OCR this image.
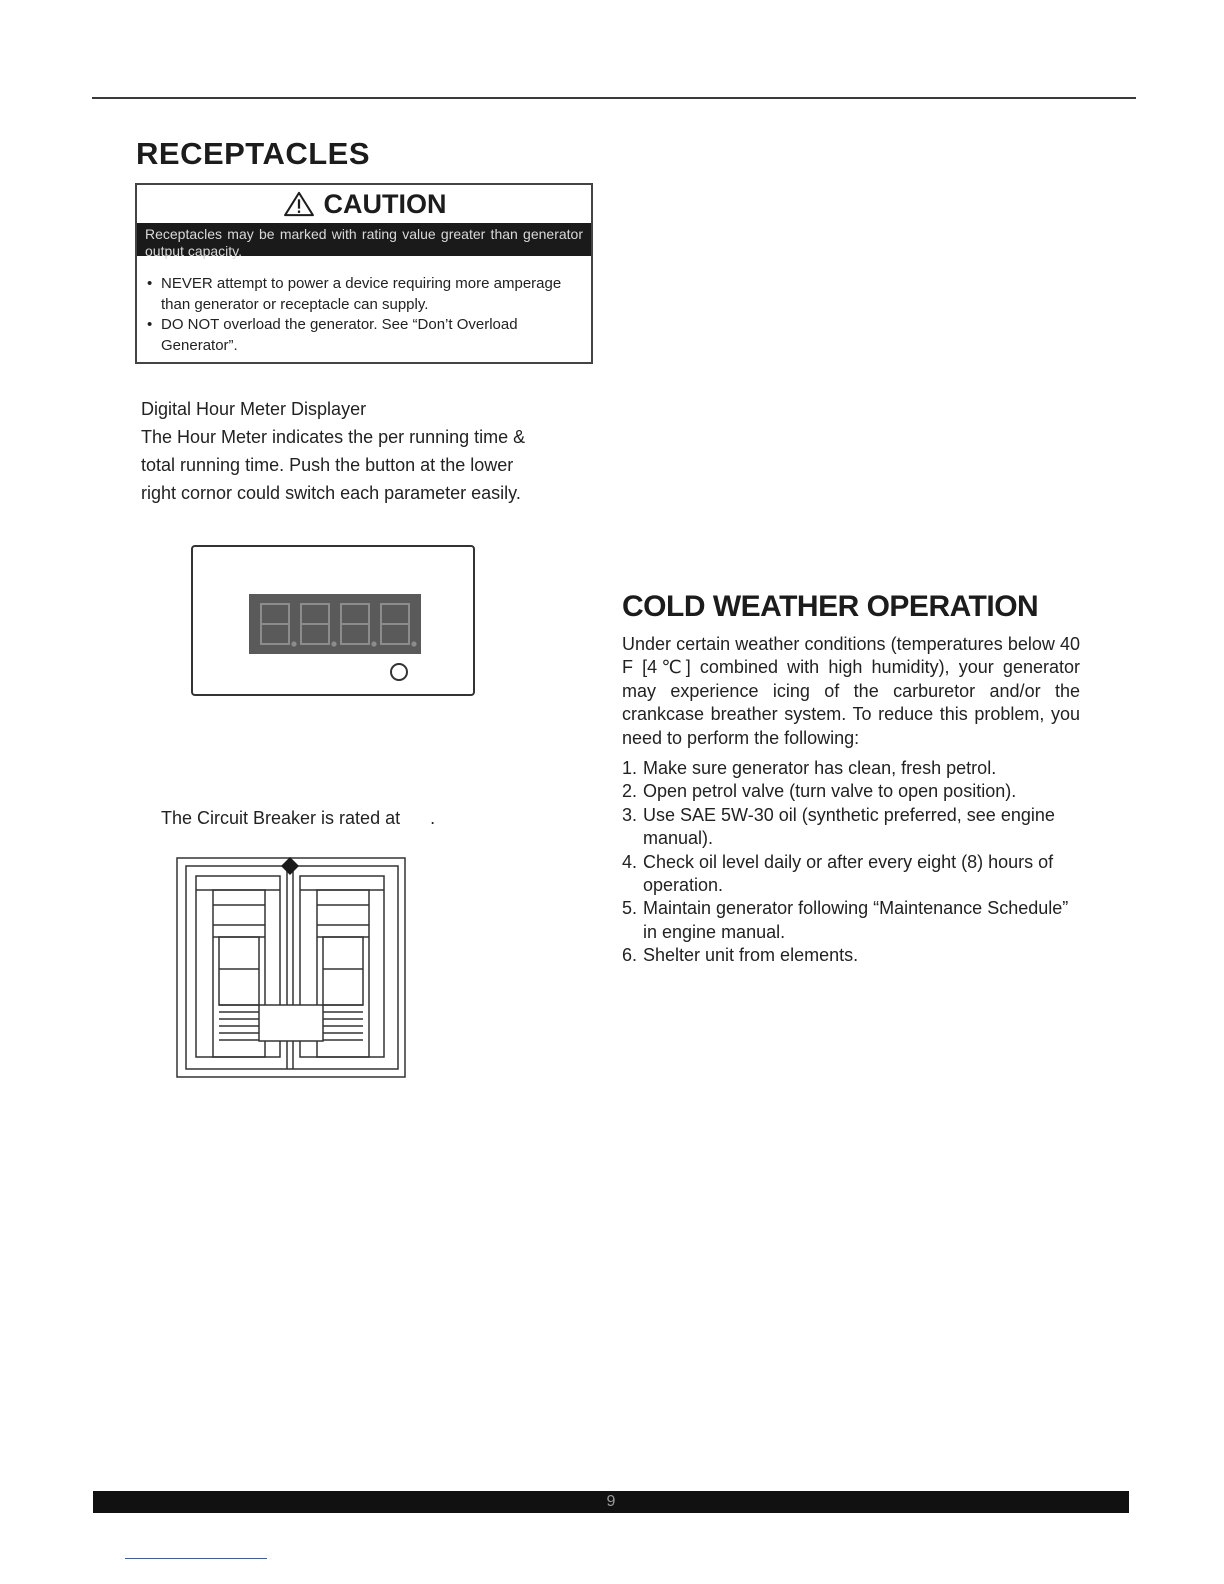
RECEPTACLES
CAUTION
Receptacles may be marked with rating value greater than generator output capacity.

• NEVER attempt to power a device requiring more amperage than generator or receptacle can supply.

• DO NOT overload the generator. See “Don’t Overload Generator”.

Digital Hour Meter Displayer

The Hour Meter indicates the per running time &

total running time. Push the button at the lower

right cornor could switch each parameter easily.

The Circuit Breaker is rated at      .
COLD WEATHER OPERATION

Under certain weather conditions (temperatures below 40 F [4℃] combined with high humidity), your generator may experience icing of the carburetor and/or the crankcase breather system. To reduce this problem, you need to perform the following:

1. Make sure generator has clean, fresh petrol.
2. Open petrol valve (turn valve to open position).
3. Use SAE 5W-30 oil (synthetic preferred, see engine manual).
4. Check oil level daily or after every eight (8) hours of operation.
5. Maintain generator following “Maintenance Schedule” in engine manual.
6. Shelter unit from elements.
9
